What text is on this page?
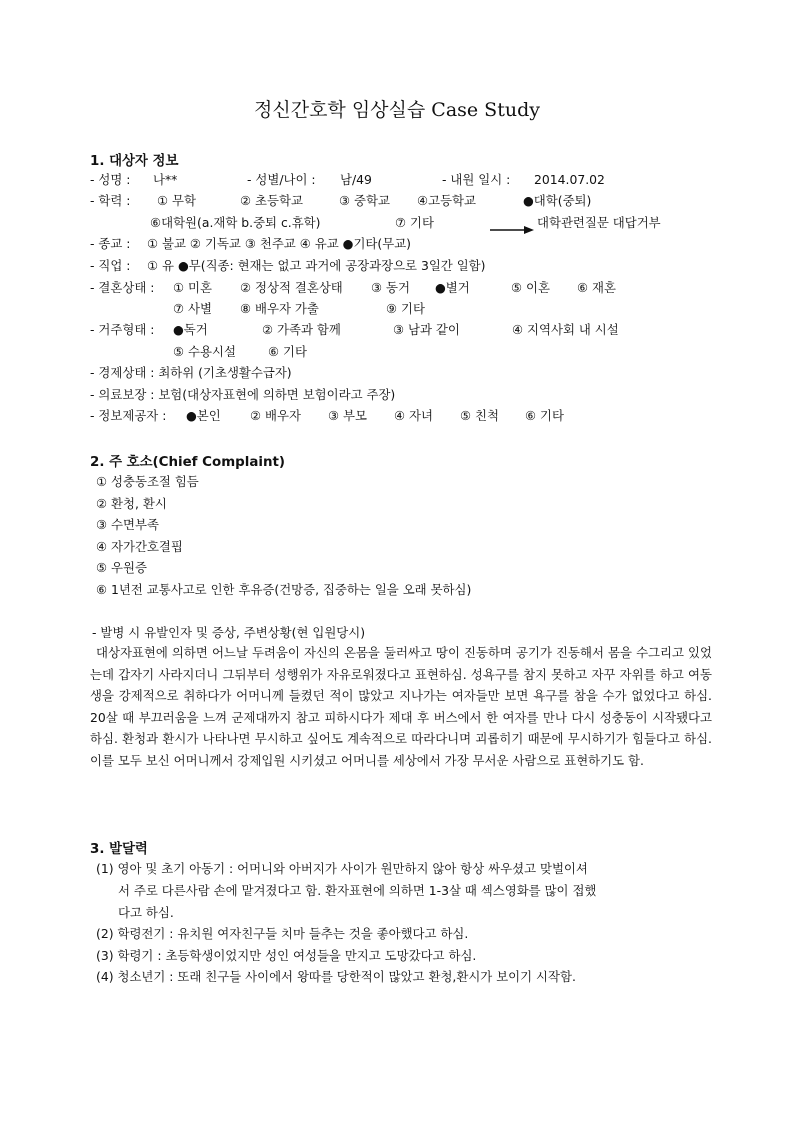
정신간호학 임상실습 Case Study
1. 대상자 정보
- 성명 : 나**	- 성별/나이 : 남/49	- 내원 일시 : 2014.07.02
- 학력 : ① 무학	② 초등학교	③ 중학교 ④고등학교	●대학(중퇴)
⑥대학원(a.재학 b.중퇴 c.휴학)	⑦ 기타	대학관련질문 대답거부
- 종교 : ① 불교 ② 기독교 ③ 천주교 ④ 유교 ●기타(무교)
- 직업 : ① 유 ●무(직종: 현재는 없고 과거에 공장과장으로 3일간 일함)
- 결혼상태 : ① 미혼 ② 정상적 결혼상태 ③ 동거 ●별거	⑤ 이혼 ⑥ 재혼
⑦ 사별 ⑧ 배우자 가출	⑨ 기타
- 거주형태 : ●독거	② 가족과 함께	③ 남과 같이	④ 지역사회 내 시설
⑤ 수용시설	⑥ 기타
- 경제상태 : 최하위 (기초생활수급자)
- 의료보장 : 보험(대상자표현에 의하면 보험이라고 주장)
- 정보제공자 : ●본인 ② 배우자 ③ 부모 ④ 자녀 ⑤ 친척 ⑥ 기타
2. 주 호소(Chief Complaint)
① 성충동조절 힘듬
② 환청, 환시
③ 수면부족
④ 자가간호결핍
⑤ 우원증
⑥ 1년전 교통사고로 인한 후유증(건망증, 집중하는 일을 오래 못하심)
- 발병 시 유발인자 및 증상, 주변상황(현 입원당시)
대상자표현에 의하면 어느날 두려움이 자신의 온몸을 둘러싸고 땅이 진동하며 공기가 진동해서 몸을 수그리고 있었는데 갑자기 사라지더니 그뒤부터 성행위가 자유로워졌다고 표현하심. 성욕구를 참지 못하고 자꾸 자위를 하고 여동생을 강제적으로 취하다가 어머니께 들켰던 적이 많았고 지나가는 여자들만 보면 욕구를 참을 수가 없었다고 하심. 20살 때 부끄러움을 느껴 군제대까지 참고 피하시다가 제대 후 버스에서 한 여자를 만나 다시 성충동이 시작됐다고 하심. 환청과 환시가 나타나면 무시하고 싶어도 계속적으로 따라다니며 괴롭히기 때문에 무시하기가 힘들다고 하심. 이를 모두 보신 어머니께서 강제입원 시키셨고 어머니를 세상에서 가장 무서운 사람으로 표현하기도 함.
3. 발달력
(1) 영아 및 초기 아동기 : 어머니와 아버지가 사이가 원만하지 않아 항상 싸우셨고 맞벌이셔
서 주로 다른사람 손에 맡겨졌다고 함. 환자표현에 의하면 1-3살 때 섹스영화를 많이 접했
다고 하심.
(2) 학령전기 : 유치원 여자친구들 치마 들추는 것을 좋아했다고 하심.
(3) 학령기 : 초등학생이었지만 성인 여성들을 만지고 도망갔다고 하심.
(4) 청소년기 : 또래 친구들 사이에서 왕따를 당한적이 많았고 환청,환시가 보이기 시작함.
